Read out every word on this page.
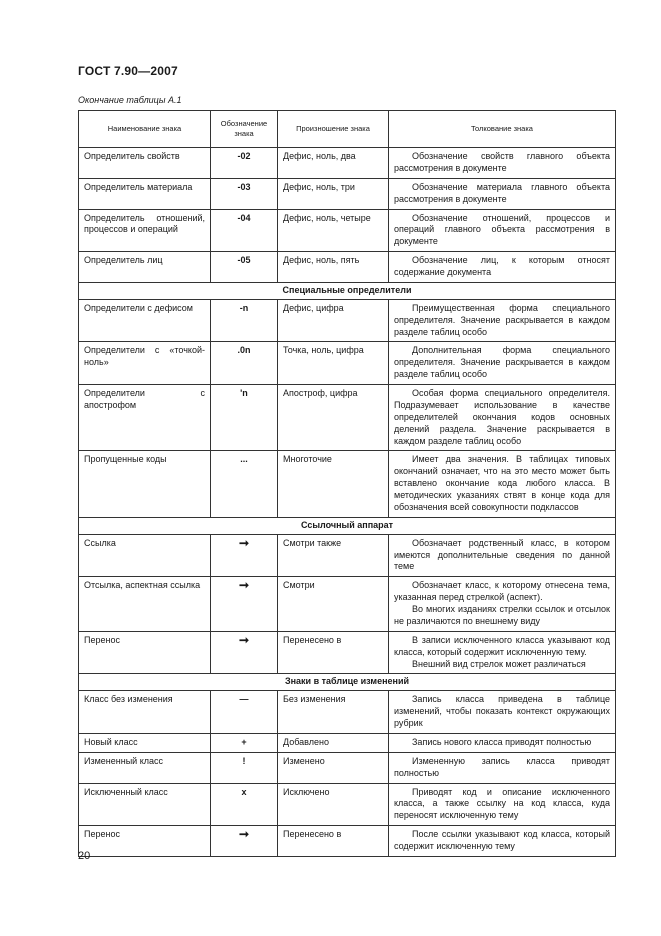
ГОСТ 7.90—2007
Окончание таблицы А.1
Наименование знака	Обозначение знака	Произношение знака	Толкование знака
Определитель свойств	-02	Дефис, ноль, два	Обозначение свойств главного объекта рассмотрения в документе

Определитель материала	-03	Дефис, ноль, три	Обозначение материала главного объекта рассмотрения в документе

Определитель отношений, процессов и операций	-04	Дефис, ноль, четыре	Обозначение отношений, процессов и операций главного объекта рассмотрения в документе

Определитель лиц	-05	Дефис, ноль, пять	Обозначение лиц, к которым относят содержание документа

Специальные определители			
Определители с дефисом	-n	Дефис, цифра	Преимущественная форма специального определителя. Значение раскрывается в каждом разделе таблиц особо

Определители с «точкой-ноль»	.0n	Точка, ноль, цифра	Дополнительная форма специального определителя. Значение раскрывается в каждом разделе таблиц особо

Определители с апострофом	'n	Апостроф, цифра	Особая форма специального определителя. Подразумевает использование в качестве определителей окончания кодов основных делений раздела. Значение раскрывается в каждом разделе таблиц особо

Пропущенные коды	...	Многоточие	Имеет два значения. В таблицах типовых окончаний означает, что на это место может быть вставлено окончание кода любого класса. В методических указаниях ствят в конце кода для обозначения всей совокупности подклассов

Ссылочный аппарат			
Ссылка	➞	Смотри также	Обозначает родственный класс, в котором имеются дополнительные сведения по данной теме

Отсылка, аспектная ссылка	➞	Смотри	Обозначает класс, к которому отнесена тема, указанная перед стрелкой (аспект).
Во многих изданиях стрелки ссылок и отсылок не различаются по внешнему виду

Перенос	➞	Перенесено в	В записи исключенного класса указывают код класса, который содержит исключенную тему.
Внешний вид стрелок может различаться

Знаки в таблице изменений			
Класс без изменения	—	Без изменения	Запись класса приведена в таблице изменений, чтобы показать контекст окружающих рубрик

Новый класс	+	Добавлено	Запись нового класса приводят полностью

Измененный класс	!	Изменено	Измененную запись класса приводят полностью

Исключенный класс	x	Исключено	Приводят код и описание исключенного класса, а также ссылку на код класса, куда переносят исключенную тему

Перенос	➞	Перенесено в	После ссылки указывают код класса, который содержит исключенную тему
20
